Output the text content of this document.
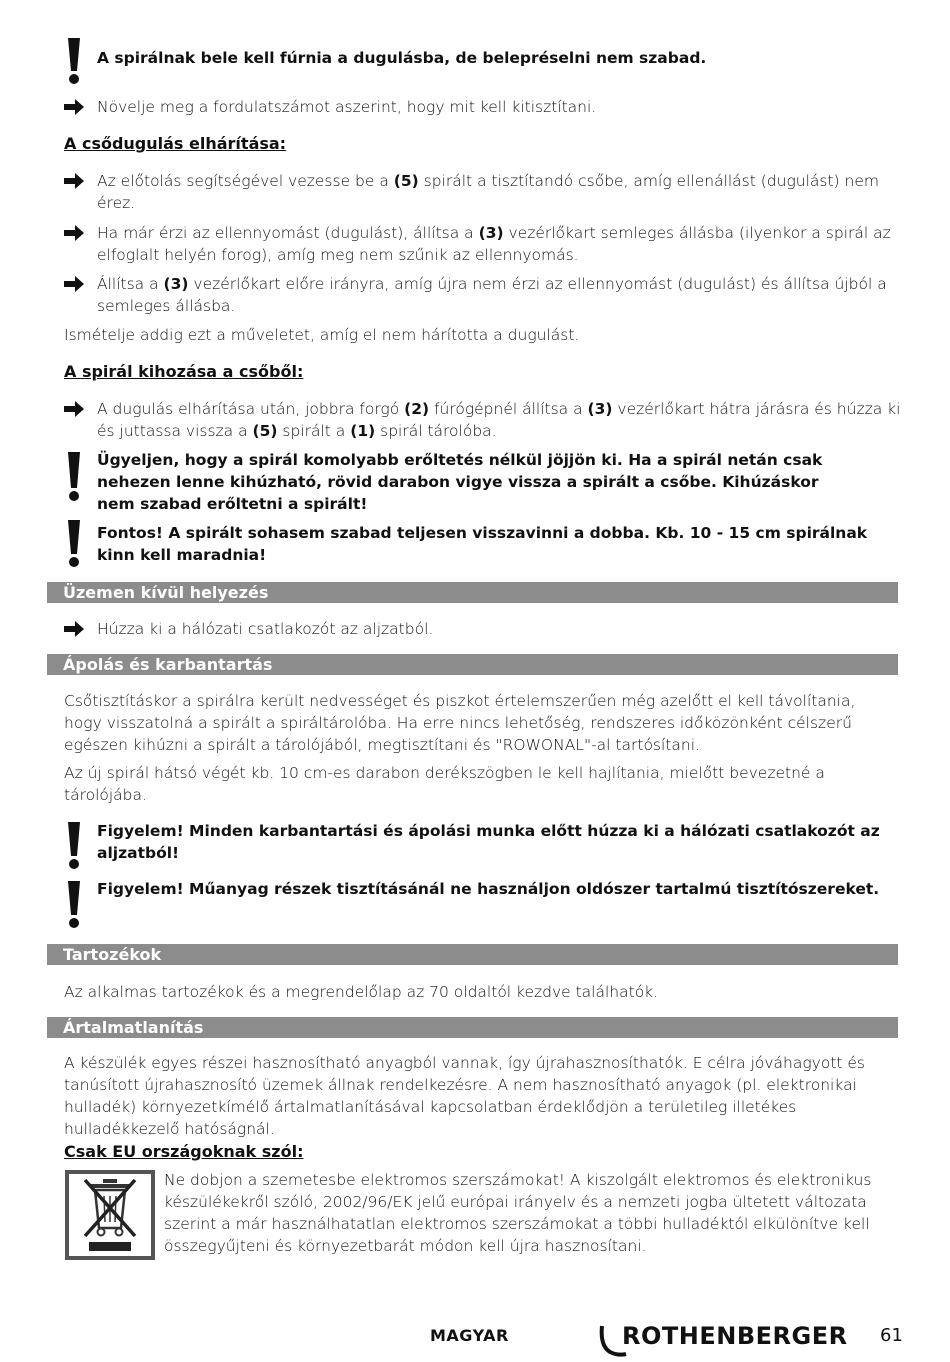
A spirálnak bele kell fúrnia a dugulásba, de belepréselni nem szabad.
Növelje meg a fordulatszámot aszerint, hogy mit kell kitisztítani.
A csődugulás elhárítása:
Az előtolás segítségével vezesse be a (5) spirált a tisztítandó csőbe, amíg ellenállást (dugulást) nem érez.
Ha már érzi az ellennyomást (dugulást), állítsa a (3) vezérlőkart semleges állásba (ilyenkor a spirál az elfoglalt helyén forog), amíg meg nem szűnik az ellennyomás.
Állítsa a (3) vezérlőkart előre irányra, amíg újra nem érzi az ellennyomást (dugulást) és állítsa újból a semleges állásba.
Ismételje addig ezt a műveletet, amíg el nem hárította a dugulást.
A spirál kihozása a csőből:
A dugulás elhárítása után, jobbra forgó (2) fúrógépnél állítsa a (3) vezérlőkart hátra járásra és húzza ki és juttassa vissza a (5) spirált a (1) spirál tárolóba.
Ügyeljen, hogy a spirál komolyabb erőltetés nélkül jöjjön ki. Ha a spirál netán csak nehezen lenne kihúzható, rövid darabon vigye vissza a spirált a csőbe. Kihúzáskor nem szabad erőltetni a spirált!
Fontos! A spirált sohasem szabad teljesen visszavinni a dobba. Kb. 10 - 15 cm spirálnak kinn kell maradnia!
Üzemen kívül helyezés
Húzza ki a hálózati csatlakozót az aljzatból.
Ápolás és karbantartás
Csőtisztításkor a spirálra került nedvességet és piszkot értelemszerűen még azelőtt el kell távolítania, hogy visszatolná a spirált a spiráltárolóba. Ha erre nincs lehetőség, rendszeres időközönként célszerű egészen kihúzni a spirált a tárolójából, megtisztítani és "ROWONAL"-al tartósítani.
Az új spirál hátsó végét kb. 10 cm-es darabon derékszögben le kell hajlítania, mielőtt bevezetné a tárolójába.
Figyelem! Minden karbantartási és ápolási munka előtt húzza ki a hálózati csatlakozót az aljzatból!
Figyelem! Műanyag részek tisztításánál ne használjon oldószer tartalmú tisztítószereket.
Tartozékok
Az alkalmas tartozékok és a megrendelőlap az 70 oldaltól kezdve találhatók.
Ártalmatlanítás
A készülék egyes részei hasznosítható anyagból vannak, így újrahasznosíthatók. E célra jóváhagyott és tanúsított újrahasznosító üzemek állnak rendelkezésre. A nem hasznosítható anyagok (pl. elektronikai hulladék) környezetkímélő ártalmatlanításával kapcsolatban érdeklődjön a területileg illetékes hulladékkezelő hatóságnál.
Csak EU országoknak szól:
Ne dobjon a szemetesbe elektromos szerszámokat! A kiszolgált elektromos és elektronikus készülékekről szóló, 2002/96/EK jelű európai irányelv és a nemzeti jogba ültetett változata szerint a már használhatatlan elektromos szerszámokat a többi hulladéktól elkülönítve kell összegyűjteni és környezetbarát módon kell újra hasznosítani.
MAGYAR	ROTHENBERGER 61
